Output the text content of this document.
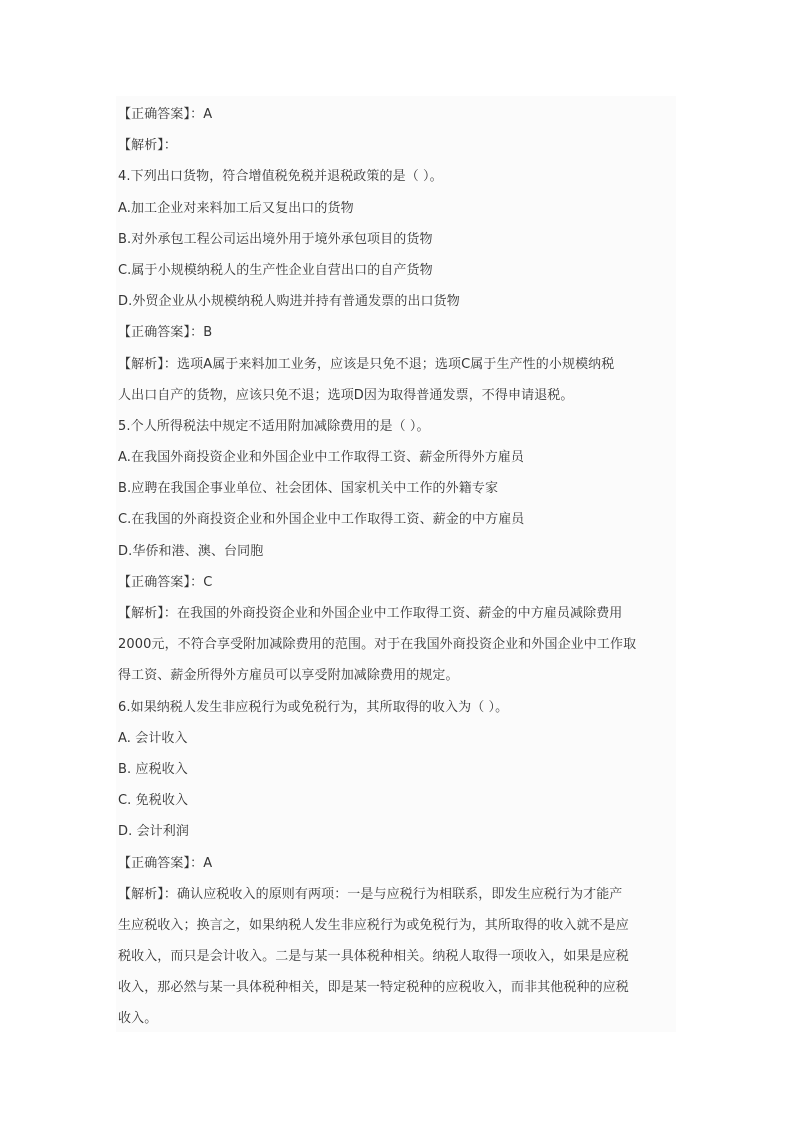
【正确答案】：A
【解析】：
4.下列出口货物，符合增值税免税并退税政策的是（ ）。
A.加工企业对来料加工后又复出口的货物
B.对外承包工程公司运出境外用于境外承包项目的货物
C.属于小规模纳税人的生产性企业自营出口的自产货物
D.外贸企业从小规模纳税人购进并持有普通发票的出口货物
【正确答案】：B
【解析】：选项A属于来料加工业务，应该是只免不退；选项C属于生产性的小规模纳税
人出口自产的货物，应该只免不退；选项D因为取得普通发票，不得申请退税。
5.个人所得税法中规定不适用附加减除费用的是（ ）。
A.在我国外商投资企业和外国企业中工作取得工资、薪金所得外方雇员
B.应聘在我国企事业单位、社会团体、国家机关中工作的外籍专家
C.在我国的外商投资企业和外国企业中工作取得工资、薪金的中方雇员
D.华侨和港、澳、台同胞
【正确答案】：C
【解析】：在我国的外商投资企业和外国企业中工作取得工资、薪金的中方雇员减除费用
2000元，不符合享受附加减除费用的范围。对于在我国外商投资企业和外国企业中工作取
得工资、薪金所得外方雇员可以享受附加减除费用的规定。
6.如果纳税人发生非应税行为或免税行为，其所取得的收入为（ ）。
A. 会计收入
B. 应税收入
C. 免税收入
D. 会计利润
【正确答案】：A
【解析】：确认应税收入的原则有两项：一是与应税行为相联系，即发生应税行为才能产
生应税收入；换言之，如果纳税人发生非应税行为或免税行为，其所取得的收入就不是应
税收入，而只是会计收入。二是与某一具体税种相关。纳税人取得一项收入，如果是应税
收入，那必然与某一具体税种相关，即是某一特定税种的应税收入，而非其他税种的应税
收入。
